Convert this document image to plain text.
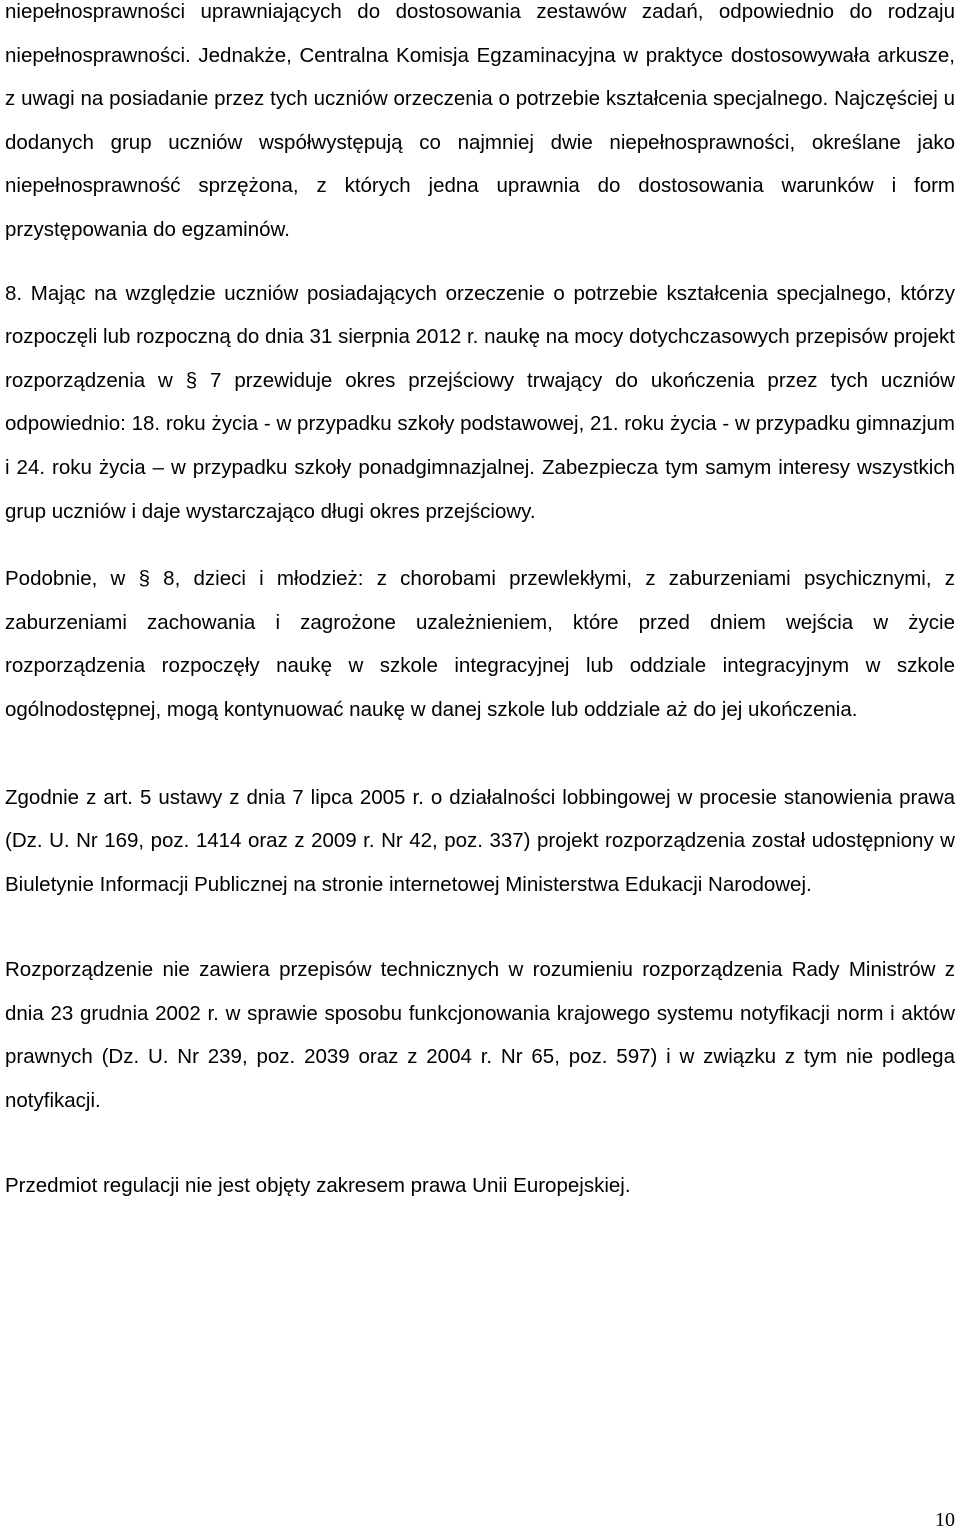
niepełnosprawności uprawniających do dostosowania zestawów zadań, odpowiednio do rodzaju niepełnosprawności. Jednakże, Centralna Komisja Egzaminacyjna w praktyce dostosowywała arkusze, z uwagi na posiadanie przez tych uczniów orzeczenia o potrzebie kształcenia specjalnego. Najczęściej u dodanych grup uczniów współwystępują co najmniej dwie niepełnosprawności, określane jako niepełnosprawność sprzężona, z których jedna uprawnia do dostosowania warunków i form przystępowania do egzaminów.

8. Mając na względzie uczniów posiadających orzeczenie o potrzebie kształcenia specjalnego, którzy rozpoczęli lub rozpoczną do dnia 31 sierpnia 2012 r. naukę na mocy dotychczasowych przepisów projekt rozporządzenia w § 7 przewiduje okres przejściowy trwający do ukończenia przez tych uczniów odpowiednio: 18. roku życia - w przypadku szkoły podstawowej, 21. roku życia - w przypadku gimnazjum i 24. roku życia – w przypadku szkoły ponadgimnazjalnej. Zabezpiecza tym samym interesy wszystkich grup uczniów i daje wystarczająco długi okres przejściowy.

Podobnie, w § 8, dzieci i młodzież: z chorobami przewlekłymi, z zaburzeniami psychicznymi, z zaburzeniami zachowania i zagrożone uzależnieniem, które przed dniem wejścia w życie rozporządzenia rozpoczęły naukę w szkole integracyjnej lub oddziale integracyjnym w szkole ogólnodostępnej, mogą kontynuować naukę w danej szkole lub oddziale aż do jej ukończenia.

Zgodnie z art. 5 ustawy z dnia 7 lipca 2005 r. o działalności lobbingowej w procesie stanowienia prawa (Dz. U. Nr 169, poz. 1414 oraz z 2009 r. Nr 42, poz. 337) projekt rozporządzenia został udostępniony w Biuletynie Informacji Publicznej na stronie internetowej Ministerstwa Edukacji Narodowej.

Rozporządzenie nie zawiera przepisów technicznych w rozumieniu rozporządzenia Rady Ministrów z dnia 23 grudnia 2002 r. w sprawie sposobu funkcjonowania krajowego systemu notyfikacji norm i aktów prawnych (Dz. U. Nr 239, poz. 2039 oraz z 2004 r. Nr 65, poz. 597) i w związku z tym nie podlega notyfikacji.

Przedmiot regulacji nie jest objęty zakresem prawa Unii Europejskiej.

10
